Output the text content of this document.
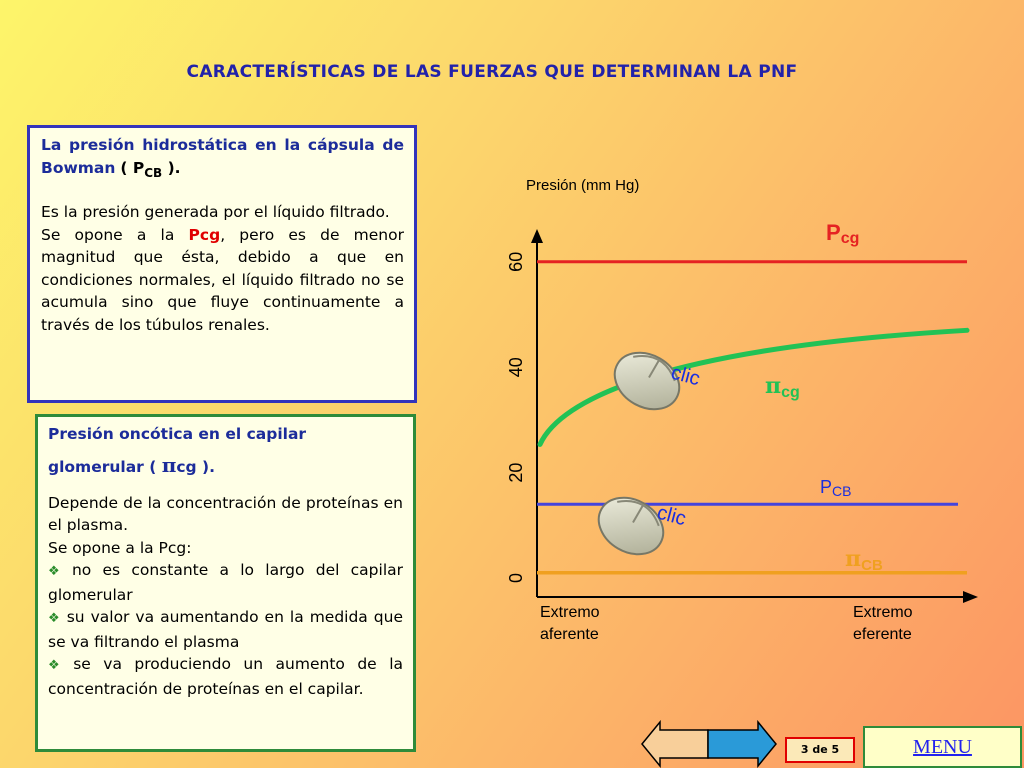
CARACTERÍSTICAS DE LAS FUERZAS QUE DETERMINAN LA PNF

La presión hidrostática en la cápsula de Bowman ( $P_{CB}$ ).

Es la presión generada por el líquido filtrado.

Se opone a la Pcg, pero es de menor magnitud que ésta, debido a que en condiciones normales, el líquido filtrado no se acumula sino que fluye continuamente a través de los túbulos renales.

Presión oncótica en el capilar
glomerular ( πcg ).

Depende de la concentración de proteínas en el plasma.

Se opone a la Pcg:

❖ no es constante a lo largo del capilar glomerular

❖ su valor va aumentando en la medida que se va filtrando el plasma

❖ se va produciendo un aumento de la concentración de proteínas en el capilar.

Presión (mm Hg)
0
20
40
60
Pcg
πcg
PCB
πCB
Extremo
aferente
Extremo
eferente
clic
clic
3 de 5	MENU
